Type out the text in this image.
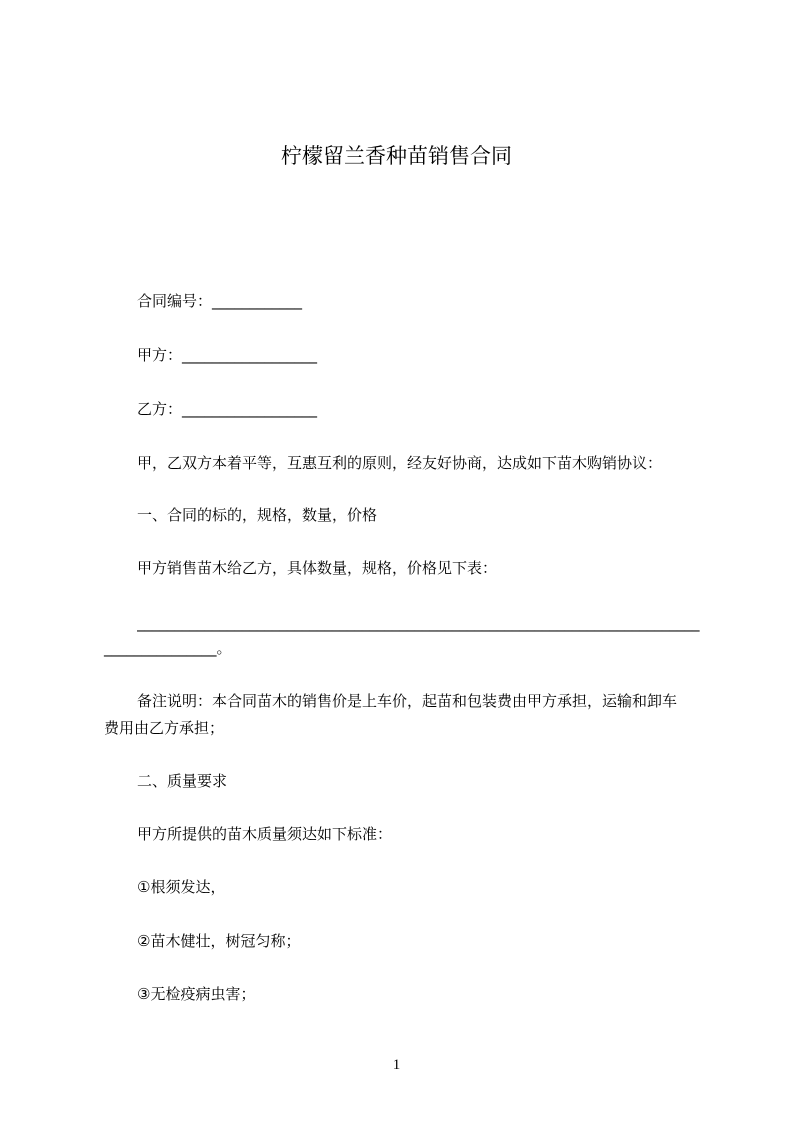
柠檬留兰香种苗销售合同
合同编号：____________
甲方：__________________
乙方：__________________
甲，乙双方本着平等，互惠互利的原则，经友好协商，达成如下苗木购销协议：
一、合同的标的，规格，数量，价格
甲方销售苗木给乙方，具体数量，规格，价格见下表：
___________________________________________________________________________
_______________。
备注说明：本合同苗木的销售价是上车价，起苗和包装费由甲方承担，运输和卸车
费用由乙方承担；
二、质量要求
甲方所提供的苗木质量须达如下标准：
①根须发达，
②苗木健壮，树冠匀称；
③无检疫病虫害；
1
